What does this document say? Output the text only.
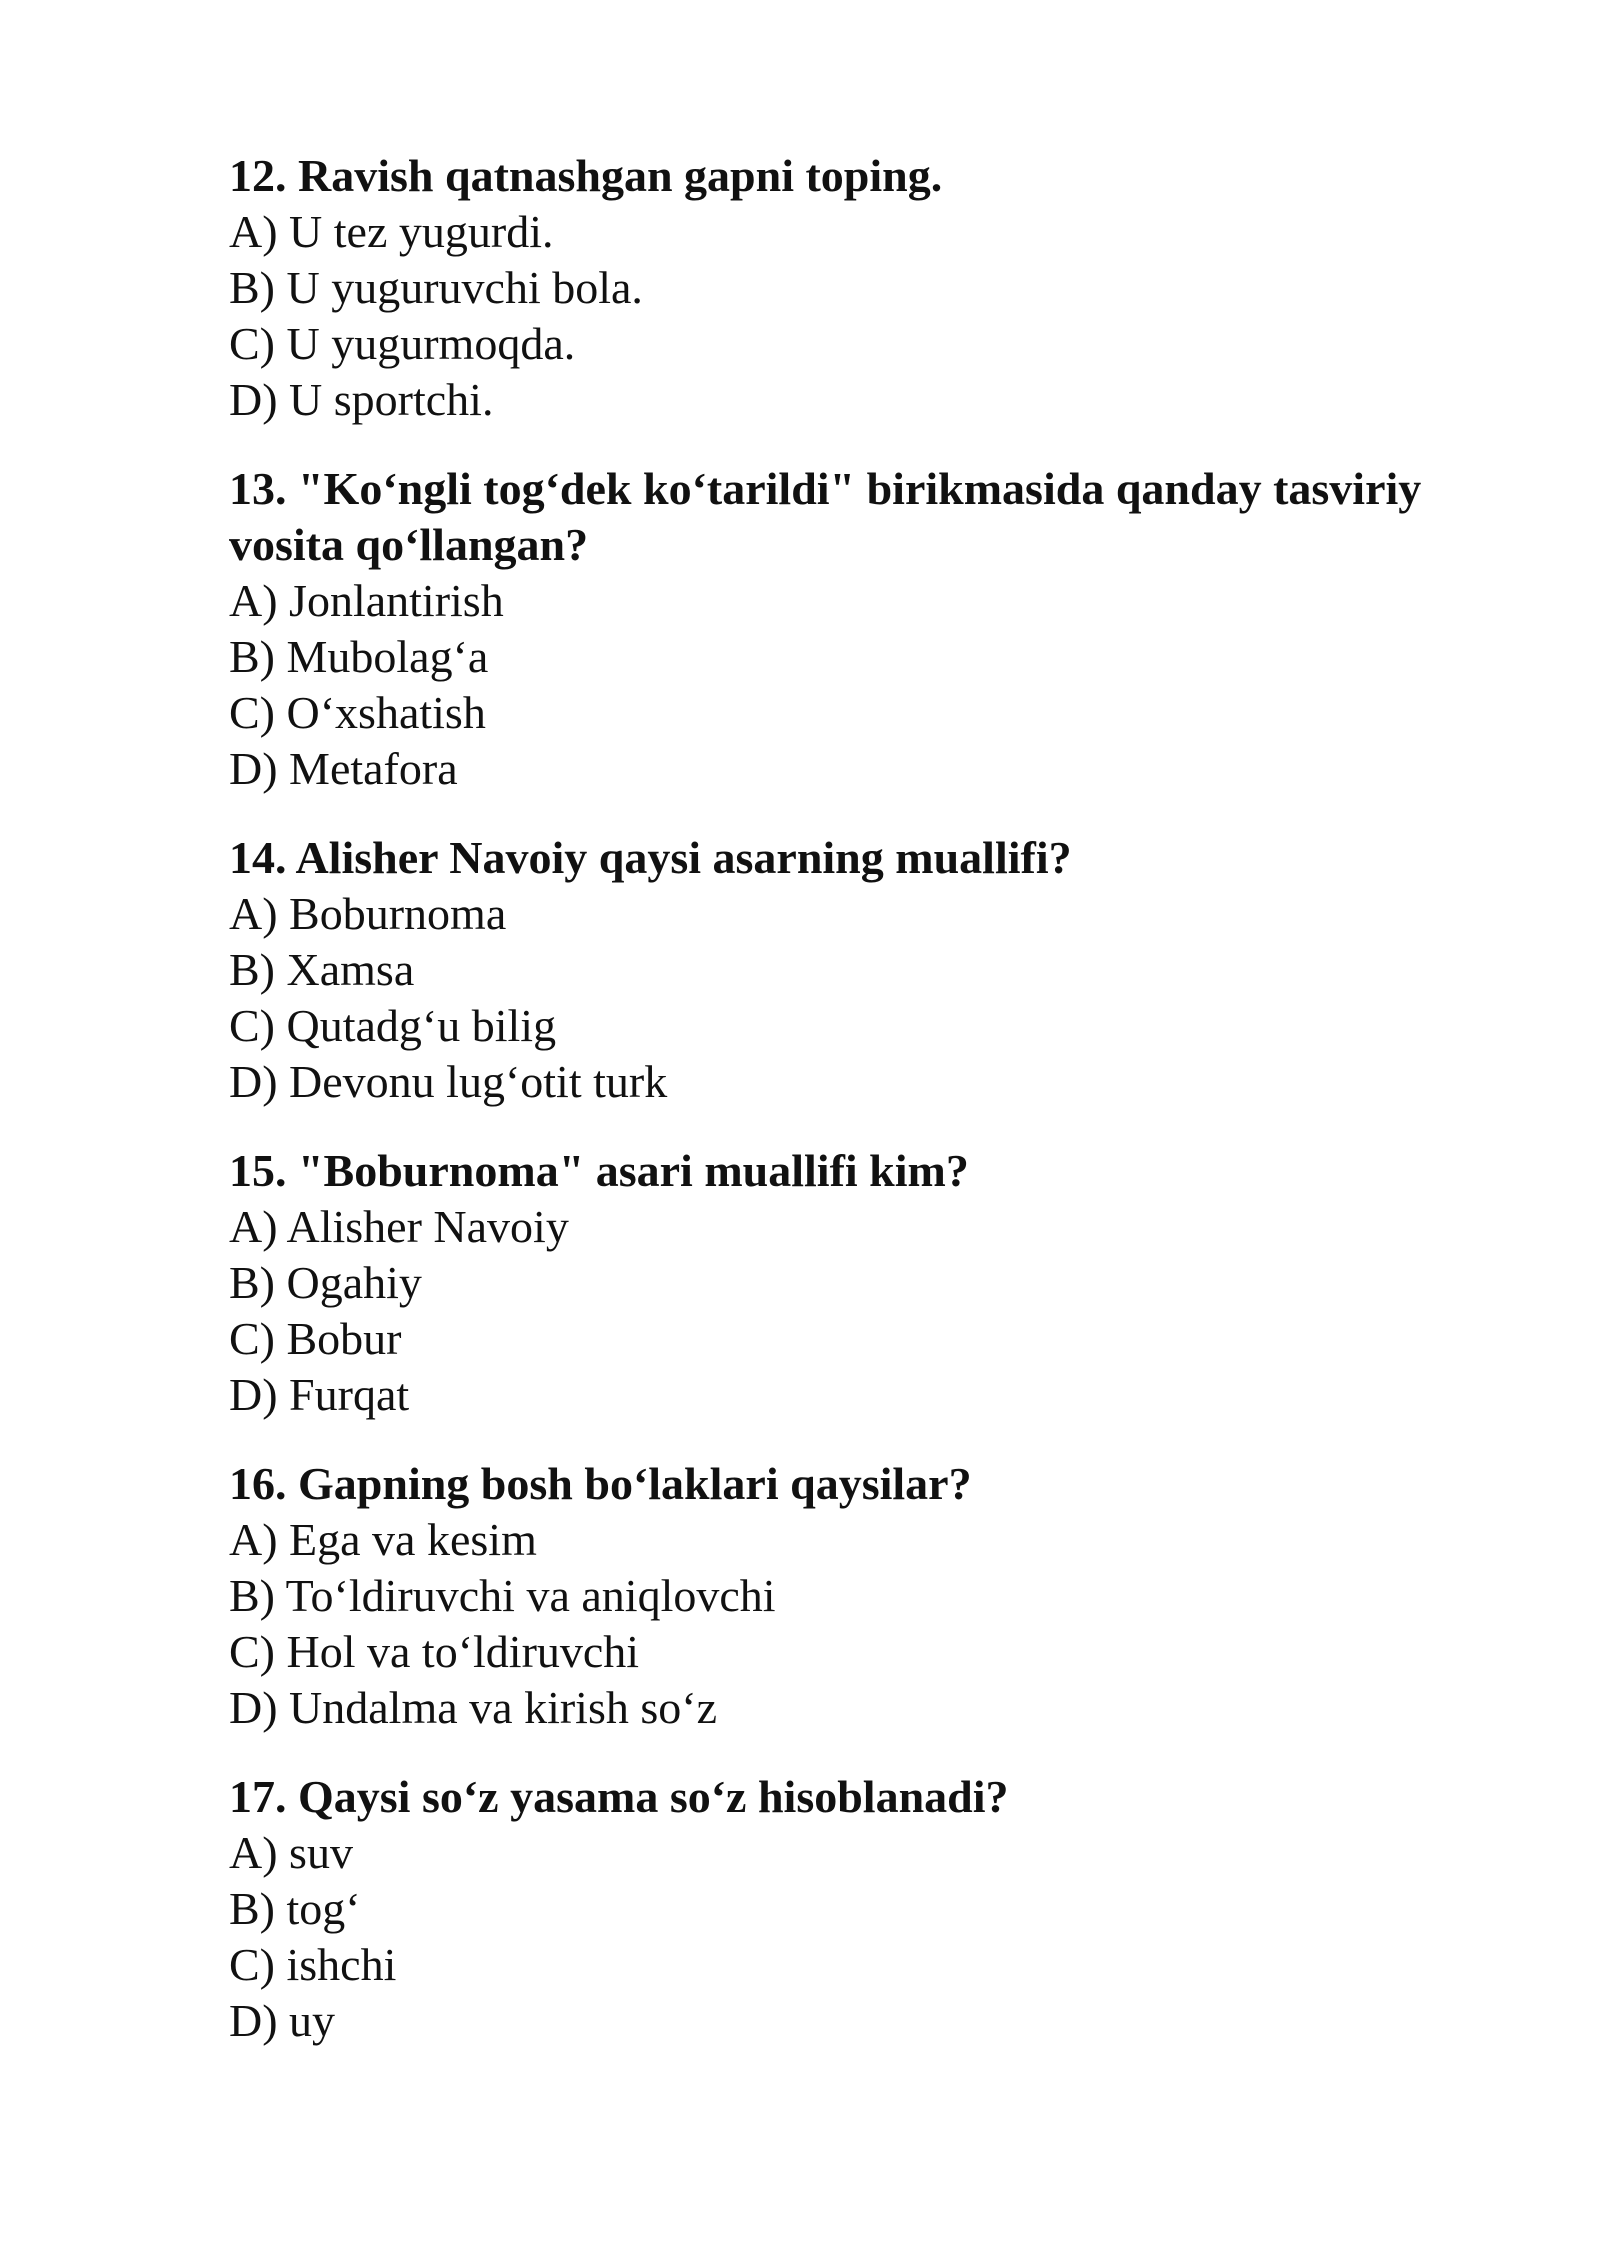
12. Ravish qatnashgan gapni toping.

A) U tez yugurdi.

B) U yuguruvchi bola.

C) U yugurmoqda.

D) U sportchi.

13. "Ko‘ngli tog‘dek ko‘tarildi" birikmasida qanday tasviriy vosita qo‘llangan?

A) Jonlantirish

B) Mubolag‘a

C) O‘xshatish

D) Metafora

14. Alisher Navoiy qaysi asarning muallifi?

A) Boburnoma

B) Xamsa

C) Qutadg‘u bilig

D) Devonu lug‘otit turk

15. "Boburnoma" asari muallifi kim?

A) Alisher Navoiy

B) Ogahiy

C) Bobur

D) Furqat

16. Gapning bosh bo‘laklari qaysilar?

A) Ega va kesim

B) To‘ldiruvchi va aniqlovchi

C) Hol va to‘ldiruvchi

D) Undalma va kirish so‘z

17. Qaysi so‘z yasama so‘z hisoblanadi?

A) suv

B) tog‘

C) ishchi

D) uy
